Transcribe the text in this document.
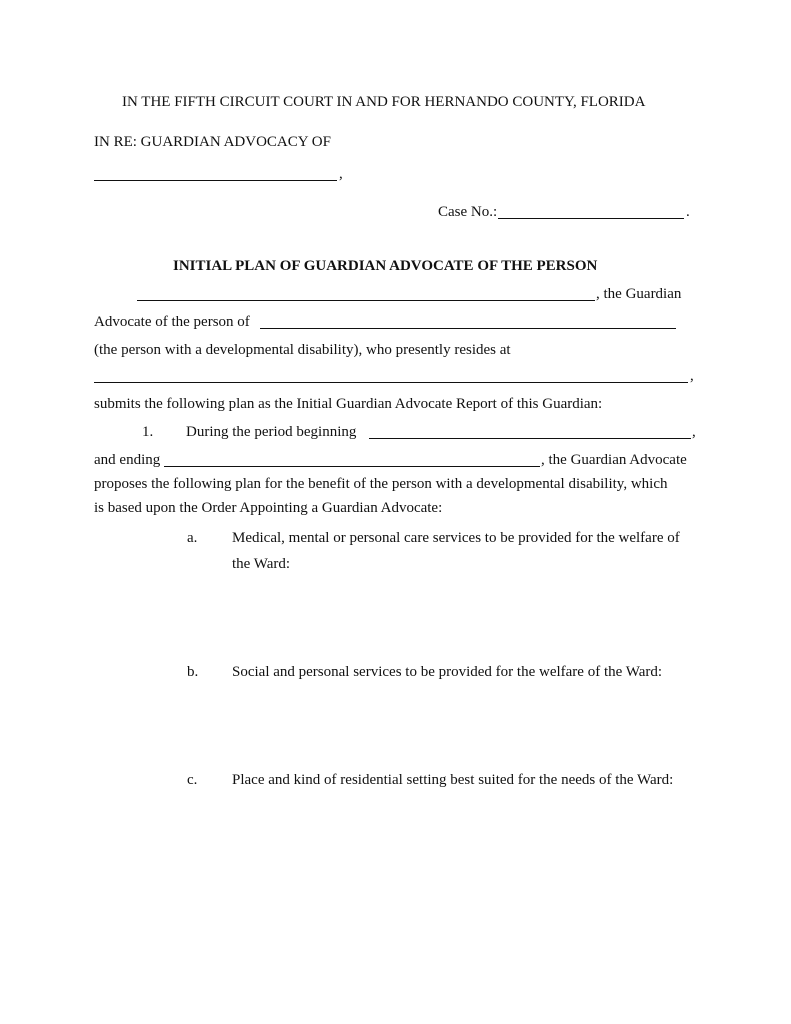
IN THE FIFTH CIRCUIT COURT IN AND FOR HERNANDO COUNTY, FLORIDA
IN RE: GUARDIAN ADVOCACY OF
,
Case No.:	.
INITIAL PLAN OF GUARDIAN ADVOCATE OF THE PERSON
, the Guardian
Advocate of the person of
(the person with a developmental disability), who presently resides at
,
submits the following plan as the Initial Guardian Advocate Report of this Guardian:
1. During the period beginning	,
and ending	, the Guardian Advocate
proposes the following plan for the benefit of the person with a developmental disability, which
is based upon the Order Appointing a Guardian Advocate:
a. Medical, mental or personal care services to be provided for the welfare of
the Ward:
b. Social and personal services to be provided for the welfare of the Ward:
c. Place and kind of residential setting best suited for the needs of the Ward:
